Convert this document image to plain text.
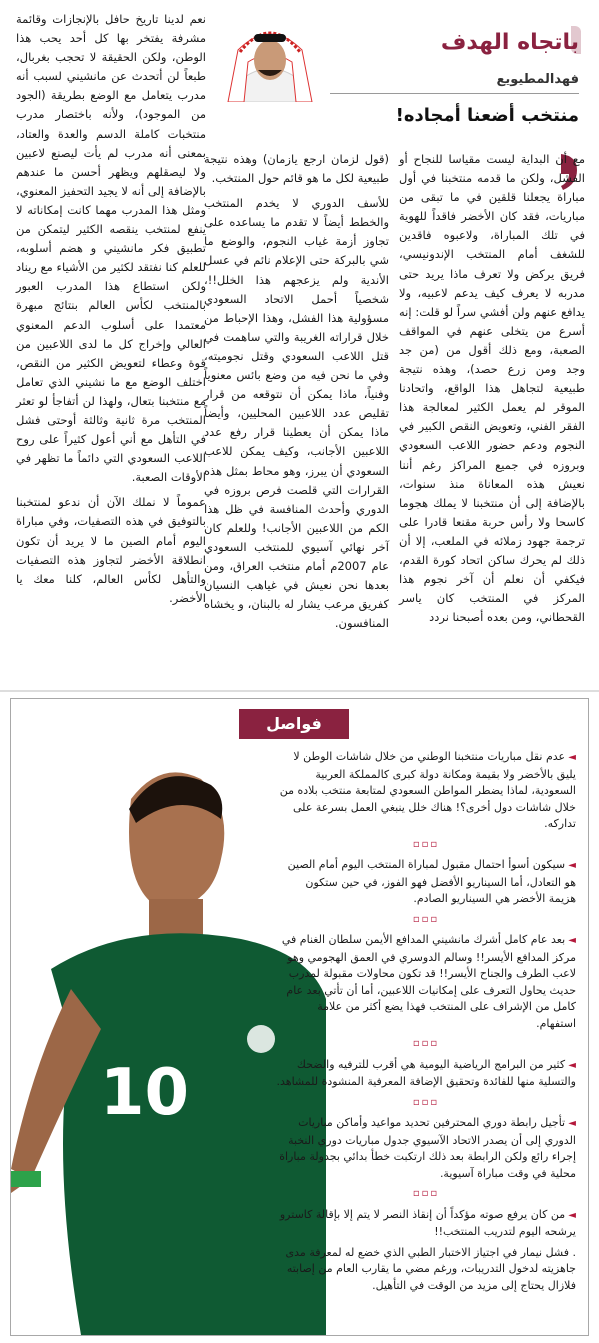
باتجاه الهدف
فهدالمطيويع
منتخب أضعنا أمجاده!

مع أن البداية ليست مقياسا للنجاح أو الفشل، ولكن ما قدمه منتخبنا في أول مباراة يجعلنا قلقين في ما تبقى من مباريات، فقد كان الأخضر فاقداً للهوية في تلك المباراة، ولاعبوه فاقدين للشغف أمام المنتخب الإندونيسي، فريق يركض ولا تعرف ماذا يريد حتى مدربه لا يعرف كيف يدعم لاعبيه، ولا يدافع عنهم ولن أفشي سراً لو قلت: إنه أسرع من يتخلى عنهم في المواقف الصعبة، ومع ذلك أقول من (من جد وجد ومن زرع حصد)، وهذه نتيجة طبيعية لتجاهل هذا الواقع، واتحادنا الموقر لم يعمل الكثير لمعالجة هذا الفقر الفني، وتعويض النقص الكبير في النجوم ودعم حضور اللاعب السعودي وبروزه في جميع المراكز رغم أننا نعيش هذه المعاناة منذ سنوات، بالإضافة إلى أن منتخبنا لا يملك هجوما كاسحا ولا رأس حربة مقنعا قادرا على ترجمة جهود زملائه في الملعب، إلا أن ذلك لم يحرك ساكن اتحاد كورة القدم، فيكفي أن نعلم أن آخر نجوم هذا المركز في المنتخب كان ياسر القحطاني، ومن بعده أصبحنا نردد

(قول لزمان ارجع يازمان) وهذه نتيجة طبيعية لكل ما هو قائم حول المنتخب.

للأسف الدوري لا يخدم المنتخب والخطط أيضاً لا تقدم ما يساعده على تجاوز أزمة غياب النجوم، والوضع ما شي بالبركة حتى الإعلام نائم في عسل الأندية ولم يزعجهم هذا الخلل!!، شخصياً أحمل الاتحاد السعودي مسؤولية هذا الفشل، وهذا الإحباط من خلال قراراته الغريبة والتي ساهمت في قتل اللاعب السعودي وقتل نجوميته، وفي ما نحن فيه من وضع بائس معنوياً وفنياً، ماذا يمكن أن نتوقعه من قرار تقليص عدد اللاعبين المحليين، وأيضاً ماذا يمكن أن يعطينا قرار رفع عدد اللاعبين الأجانب، وكيف يمكن للاعب السعودي أن يبرز، وهو محاط بمثل هذه القرارات التي قلصت فرص بروزه في الدوري وأحدث المنافسة في ظل هذا الكم من اللاعبين الأجانب! وللعلم كان آخر نهائي آسيوي للمنتخب السعودي عام 2007م أمام منتخب العراق، ومن بعدها نحن نعيش في غياهب النسيان كفريق مرعب يشار له بالبنان، و يخشاه المنافسون.

نعم لدينا تاريخ حافل بالإنجازات وقائمة مشرفة يفتخر بها كل أحد يحب هذا الوطن، ولكن الحقيقة لا تحجب بغربال، طبعاً لن أتحدث عن مانشيني لسبب أنه مدرب يتعامل مع الوضع بطريقة (الجود من الموجود)، ولأنه باختصار مدرب منتخبات كاملة الدسم والعدة والعتاد، بمعنى أنه مدرب لم يأت ليصنع لاعبين ولا ليصقلهم ويظهر أحسن ما عندهم بالإضافة إلى أنه لا يجيد التحفيز المعنوي، ومثل هذا المدرب مهما كانت إمكاناته لا ينفع لمنتخب ينقصه الكثير ليتمكن من تطبيق فكر مانشيني و هضم أسلوبه، للعلم كنا نفتقد لكثير من الأشياء مع ريناد ولكن استطاع هذا المدرب العبور بالمنتخب لكأس العالم بنتائج مبهرة معتمدا على أسلوب الدعم المعنوي العالي وإخراج كل ما لدى اللاعبين من قوة وعطاء لتعويض الكثير من النقص، اختلف الوضع مع ما نشيني الذي تعامل مع منتخبنا بتعال، ولهذا لن أتفاجأ لو تعثر المنتخب مرة ثانية وثالثة أوحتى فشل في التأهل مع أني أعول كثيراً على روح اللاعب السعودي التي دائماً ما تظهر في الأوقات الصعبة.

عموماً لا نملك الآن أن ندعو لمنتخبنا بالتوفيق في هذه التصفيات، وفي مباراة اليوم أمام الصين ما لا يريد أن تكون انطلاقة الأخضر لتجاوز هذه التصفيات والتأهل لكأس العالم، كلنا معك يا الأخضر.

فواصل
10

◄ عدم نقل مباريات منتخبنا الوطني من خلال شاشات الوطن لا يليق بالأخضر ولا بقيمة ومكانة دولة كبرى كالمملكة العربية السعودية، لماذا يضطر المواطن السعودي لمتابعة منتخب بلاده من خلال شاشات دول أخرى؟! هناك خلل ينبغي العمل بسرعة على تداركه.

▫▫▫

◄ سيكون أسوأ احتمال مقبول لمباراة المنتخب اليوم أمام الصين هو التعادل، أما السيناريو الأفضل فهو الفوز، في حين ستكون هزيمة الأخضر هي السيناريو الصادم.

▫▫▫

◄ بعد عام كامل أشرك مانشيني المدافع الأيمن سلطان الغنام في مركز المدافع الأيسر!! وسالم الدوسري في العمق الهجومي وهو لاعب الطرف والجناح الأيسر!! قد تكون محاولات مقبولة لمدرب حديث يحاول التعرف على إمكانيات اللاعبين، أما أن تأتي بعد عام كامل من الإشراف على المنتخب فهذا يضع أكثر من علامة استفهام.

▫▫▫

◄ كثير من البرامج الرياضية اليومية هي أقرب للترفيه والضحك والتسلية منها للفائدة وتحقيق الإضافة المعرفية المنشودة للمشاهد.

▫▫▫

◄ تأجيل رابطة دوري المحترفين تحديد مواعيد وأماكن مباريات الدوري إلى أن يصدر الاتحاد الآسيوي جدول مباريات دوري النخبة إجراء رائع ولكن الرابطة بعد ذلك ارتكبت خطأ بدائي بجدولة مباراة محلية في وقت مباراة آسيوية.

▫▫▫

◄ من كان يرفع صوته مؤكداً أن إنقاذ النصر لا يتم إلا بإقالة كاسترو يرشحه اليوم لتدريب المنتخب!!

. فشل نيمار في اجتياز الاختبار الطبي الذي خضع له لمعرفة مدى جاهزيته لدخول التدريبات، ورغم مضي ما يقارب العام من إصابته فلازال يحتاج إلى مزيد من الوقت في التأهيل.
